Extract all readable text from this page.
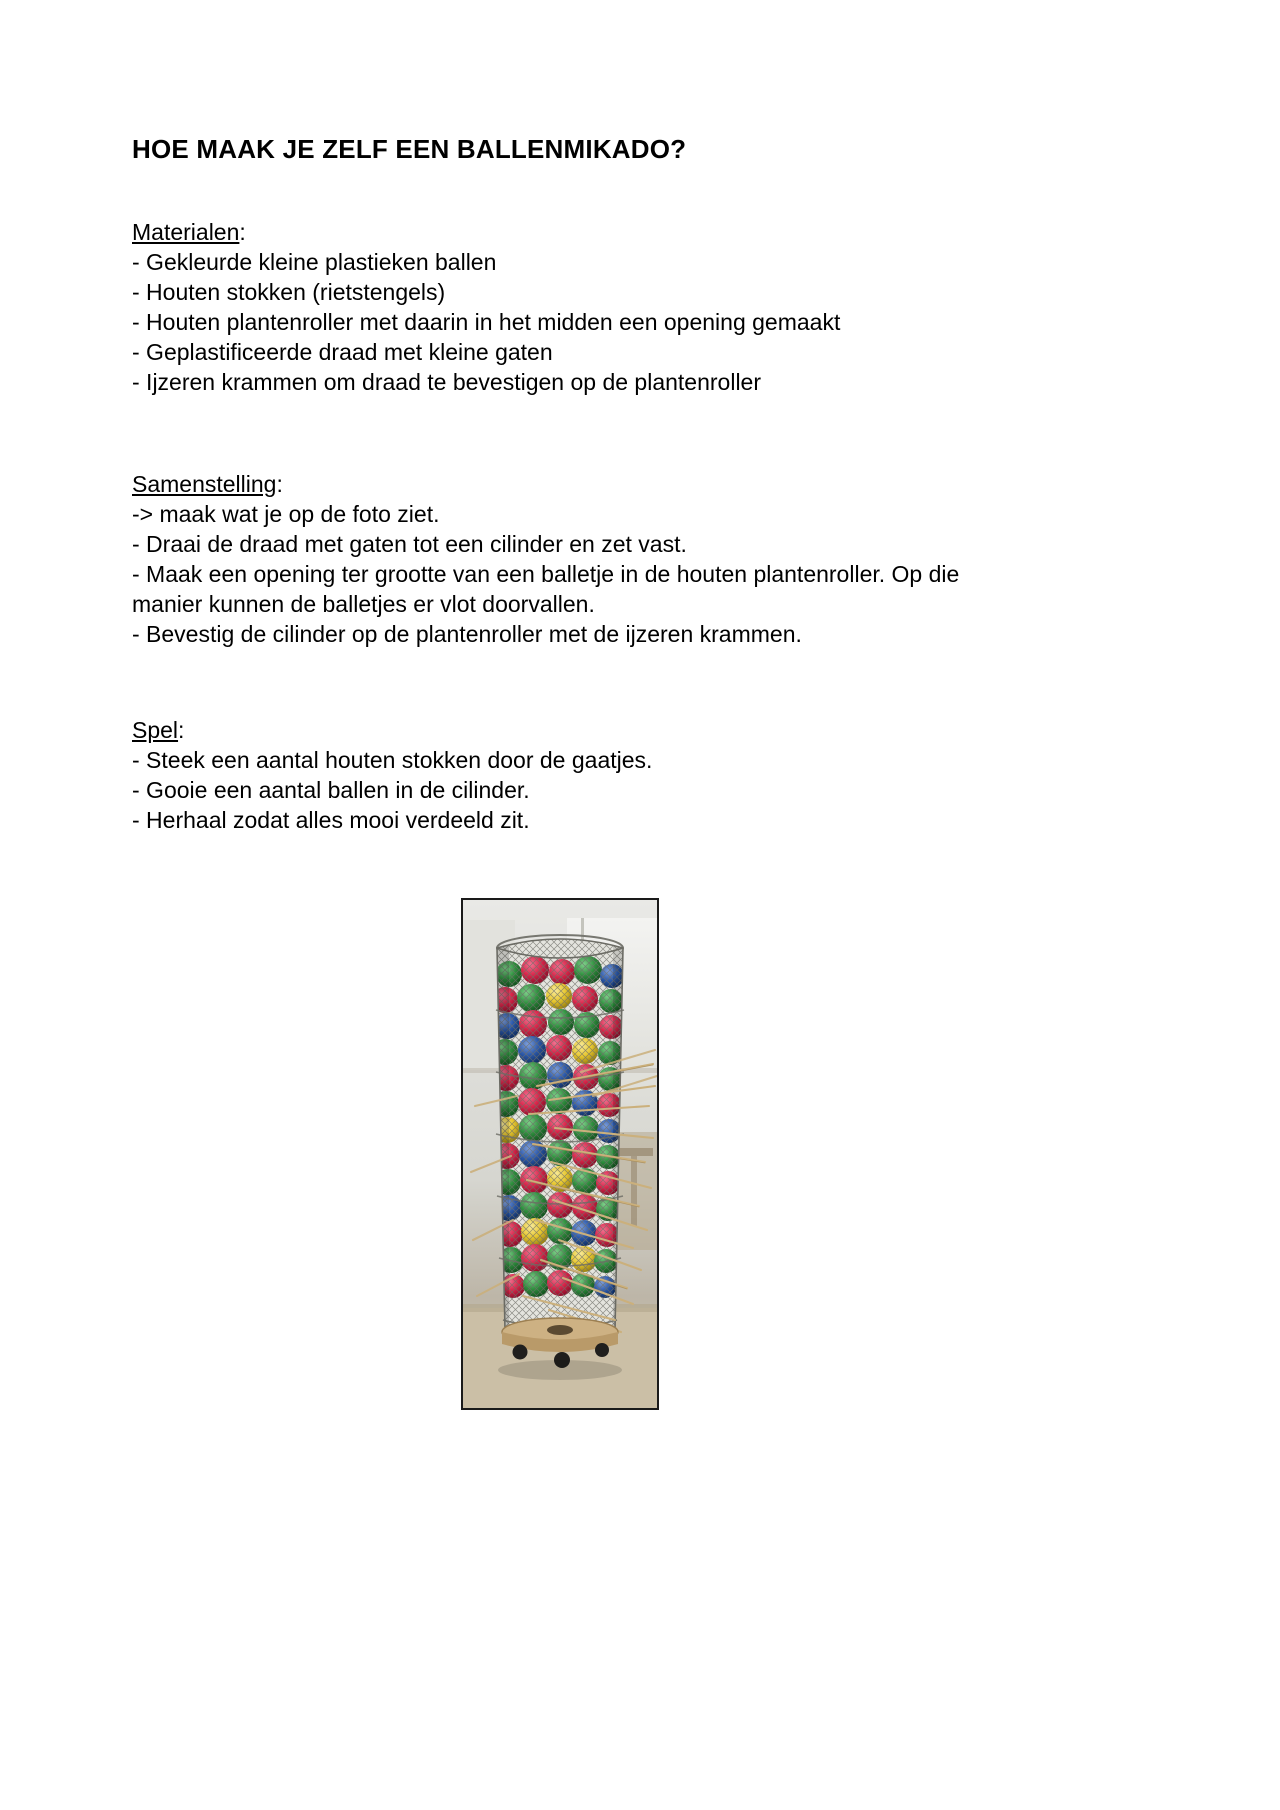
HOE MAAK JE ZELF EEN BALLENMIKADO?

Materialen:

- Gekleurde kleine plastieken ballen

- Houten stokken (rietstengels)

- Houten plantenroller met daarin in het midden een opening gemaakt

- Geplastificeerde draad met kleine gaten

- Ijzeren krammen om draad te bevestigen op de plantenroller

Samenstelling:

-> maak wat je op de foto ziet.

- Draai de draad met gaten tot een cilinder en zet vast.

- Maak een opening ter grootte van een balletje in de houten plantenroller. Op die manier kunnen de balletjes er vlot doorvallen.

- Bevestig de cilinder op de plantenroller met de ijzeren krammen.

Spel:

- Steek een aantal houten stokken door de gaatjes.

- Gooie een aantal ballen in de cilinder.

- Herhaal zodat alles mooi verdeeld zit.
